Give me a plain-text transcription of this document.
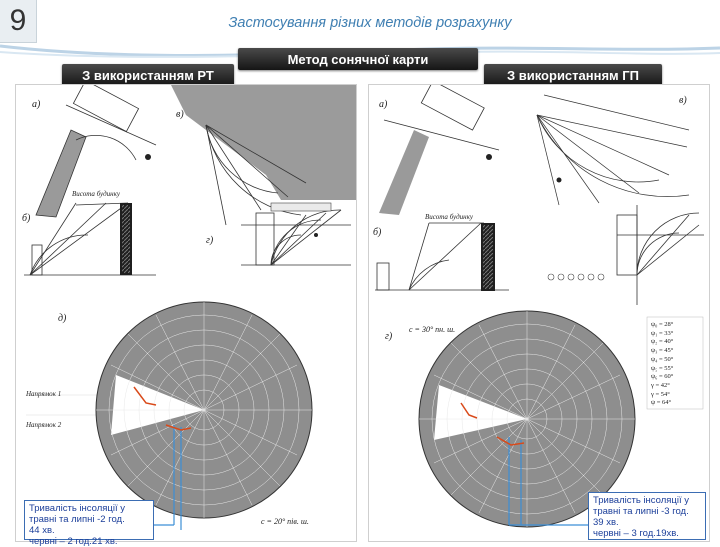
9	Застосування різних методів розрахунку
З використанням РТ
Метод сонячної карти
З використанням ГП
а)
в)
б)
г)
д)
Висота будинку
Напрямок 1
Напрямок 2
с = 20° пів. ш.
Тривалість інсоляції у
травні та липні -2 год.
44 хв.
червні – 2 год.21 хв.
а)	в)
б)
г)
Висота будинку
с = 30° пн. ш.
ψ₀ = 28°
ψ₁ = 33°
ψ₂ = 40°
ψ₃ = 45°
ψ₄ = 50°
ψ₅ = 55°
ψ₆ = 60°
γ = 42°
γ = 54°
ψ = 64°
Тривалість інсоляції у
травні та липні -3 год.
39 хв.
червні – 3 год.19хв.
